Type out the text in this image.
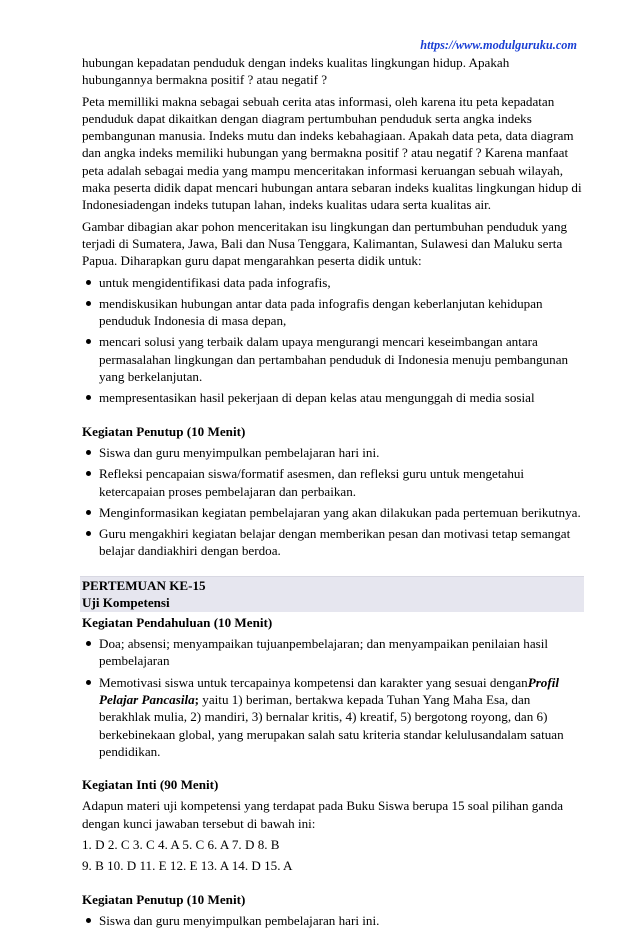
https://www.modulguruku.com

hubungan kepadatan penduduk dengan indeks kualitas lingkungan hidup. Apakah hubungannya bermakna positif ? atau negatif ?

Peta memilliki makna sebagai sebuah cerita atas informasi, oleh karena itu peta kepadatan penduduk dapat dikaitkan dengan diagram pertumbuhan penduduk serta angka indeks pembangunan manusia. Indeks mutu dan indeks kebahagiaan. Apakah data peta, data diagram dan angka indeks memiliki hubungan yang bermakna positif ? atau negatif ? Karena manfaat peta adalah sebagai media yang mampu menceritakan informasi keruangan sebuah wilayah, maka peserta didik dapat mencari hubungan antara sebaran indeks kualitas lingkungan hidup di Indonesiadengan indeks tutupan lahan, indeks kualitas udara serta kualitas air.

Gambar dibagian akar pohon menceritakan isu lingkungan dan pertumbuhan penduduk yang terjadi di Sumatera, Jawa, Bali dan Nusa Tenggara, Kalimantan, Sulawesi dan Maluku serta Papua. Diharapkan guru dapat mengarahkan peserta didik untuk:

untuk mengidentifikasi data pada infografis,
mendiskusikan hubungan antar data pada infografis dengan keberlanjutan kehidupan penduduk Indonesia di masa depan,
mencari solusi yang terbaik dalam upaya mengurangi mencari keseimbangan antara permasalahan lingkungan dan pertambahan penduduk di Indonesia menuju pembangunan yang berkelanjutan.
mempresentasikan hasil pekerjaan di depan kelas atau mengunggah di media sosial
Kegiatan Penutup (10 Menit)
Siswa dan guru menyimpulkan pembelajaran hari ini.
Refleksi pencapaian siswa/formatif asesmen, dan refleksi guru untuk mengetahui ketercapaian proses pembelajaran dan perbaikan.
Menginformasikan kegiatan pembelajaran yang akan dilakukan pada pertemuan berikutnya.
Guru mengakhiri kegiatan belajar dengan memberikan pesan dan motivasi tetap semangat belajar dandiakhiri dengan berdoa.
PERTEMUAN KE-15
Uji Kompetensi
Kegiatan Pendahuluan (10 Menit)
Doa; absensi; menyampaikan tujuanpembelajaran; dan menyampaikan penilaian hasil pembelajaran
Memotivasi siswa untuk tercapainya kompetensi dan karakter yang sesuai denganProfil Pelajar Pancasila; yaitu 1) beriman, bertakwa kepada Tuhan Yang Maha Esa, dan berakhlak mulia, 2) mandiri, 3) bernalar kritis, 4) kreatif, 5) bergotong royong, dan 6) berkebinekaan global, yang merupakan salah satu kriteria standar kelulusandalam satuan pendidikan.
Kegiatan Inti (90 Menit)

Adapun materi uji kompetensi yang terdapat pada Buku Siswa berupa 15 soal pilihan ganda dengan kunci jawaban tersebut di bawah ini:

1. D 2. C 3. C 4. A 5. C 6. A 7. D 8. B

9. B 10. D 11. E 12. E 13. A 14. D 15. A

Kegiatan Penutup (10 Menit)
Siswa dan guru menyimpulkan pembelajaran hari ini.
